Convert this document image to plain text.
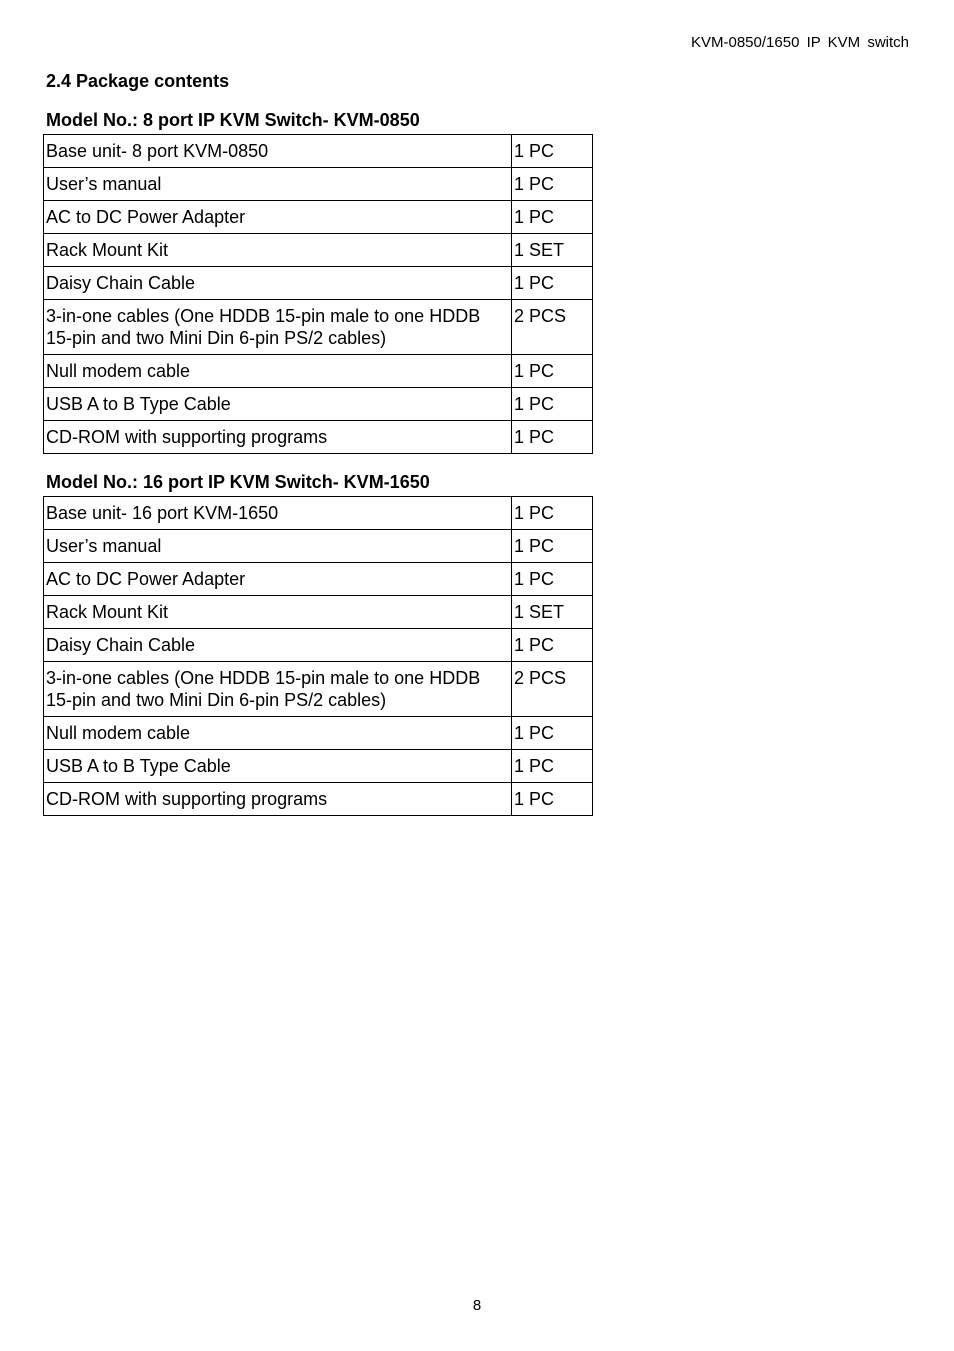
KVM-0850/1650 IP KVM switch
2.4 Package contents
Model No.: 8 port IP KVM Switch- KVM-0850
Base unit- 8 port KVM-0850	1 PC
User’s manual	1 PC
AC to DC Power Adapter	1 PC
Rack Mount Kit	1 SET
Daisy Chain Cable	1 PC
3-in-one cables (One HDDB 15-pin male to one HDDB
15-pin and two Mini Din 6-pin PS/2 cables)	2 PCS
Null modem cable	1 PC
USB A to B Type Cable	1 PC
CD-ROM with supporting programs	1 PC
Model No.: 16 port IP KVM Switch- KVM-1650
Base unit- 16 port KVM-1650	1 PC
User’s manual	1 PC
AC to DC Power Adapter	1 PC
Rack Mount Kit	1 SET
Daisy Chain Cable	1 PC
3-in-one cables (One HDDB 15-pin male to one HDDB
15-pin and two Mini Din 6-pin PS/2 cables)	2 PCS
Null modem cable	1 PC
USB A to B Type Cable	1 PC
CD-ROM with supporting programs	1 PC
8
